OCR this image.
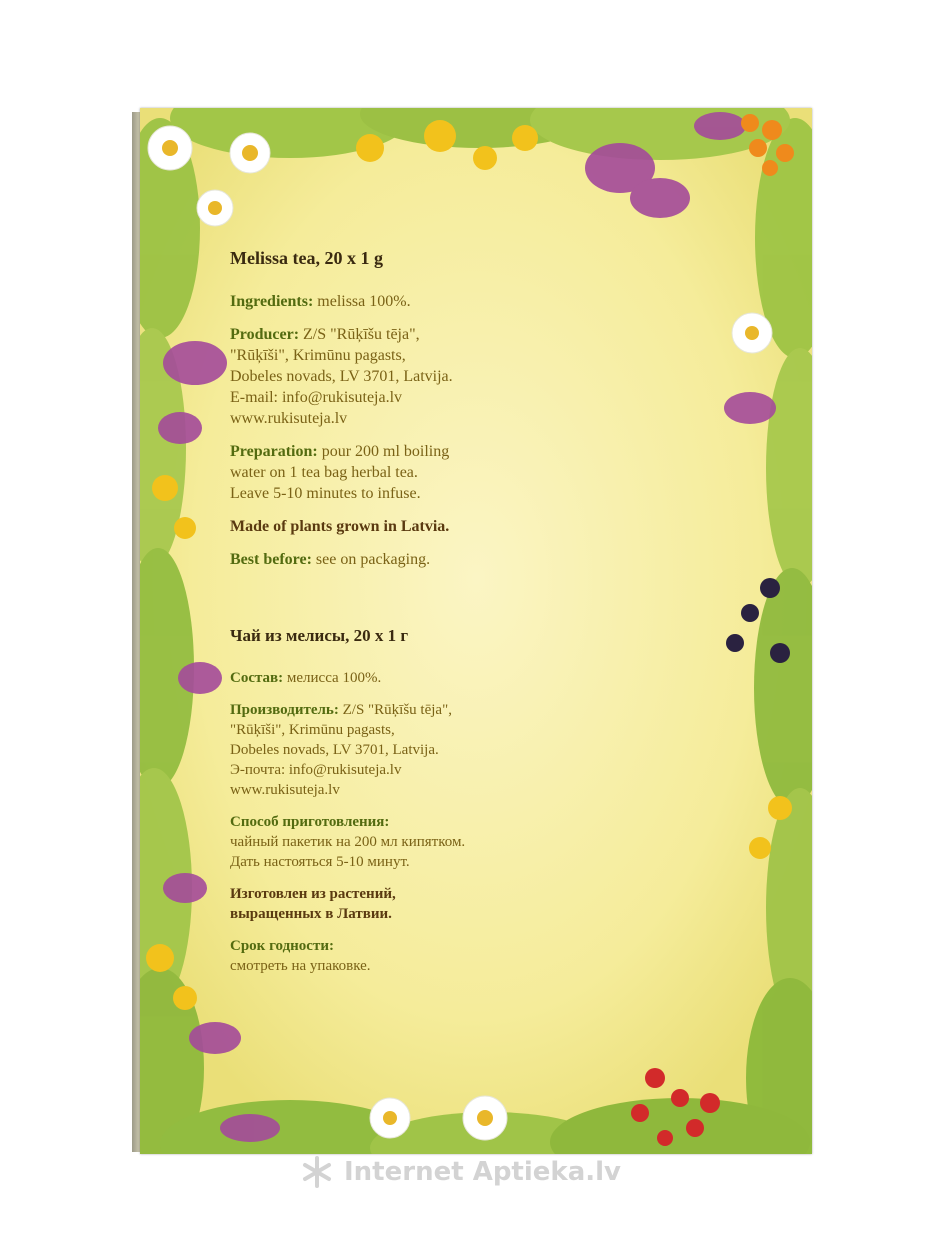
Melissa tea, 20 x 1 g

Ingredients: melissa 100%.

Producer: Z/S "Rūķīšu tēja",
"Rūķīši", Krimūnu pagasts,
Dobeles novads, LV 3701, Latvija.
E-mail: info@rukisuteja.lv
www.rukisuteja.lv

Preparation: pour 200 ml boiling
water on 1 tea bag herbal tea.
Leave 5-10 minutes to infuse.

Made of plants grown in Latvia.

Best before: see on packaging.

Чай из мелисы, 20 х 1 г

Состав: мелисса 100%.

Производитель: Z/S "Rūķīšu tēja",
"Rūķīši", Krimūnu pagasts,
Dobeles novads, LV 3701, Latvija.
Э-почта: info@rukisuteja.lv
www.rukisuteja.lv

Способ приготовления:
чайный пакетик на 200 мл кипятком.
Дать настояться 5-10 минут.

Изготовлен из растений,
выращенных в Латвии.

Срок годности:
смотреть на упаковке.

Internet Aptieka.lv
